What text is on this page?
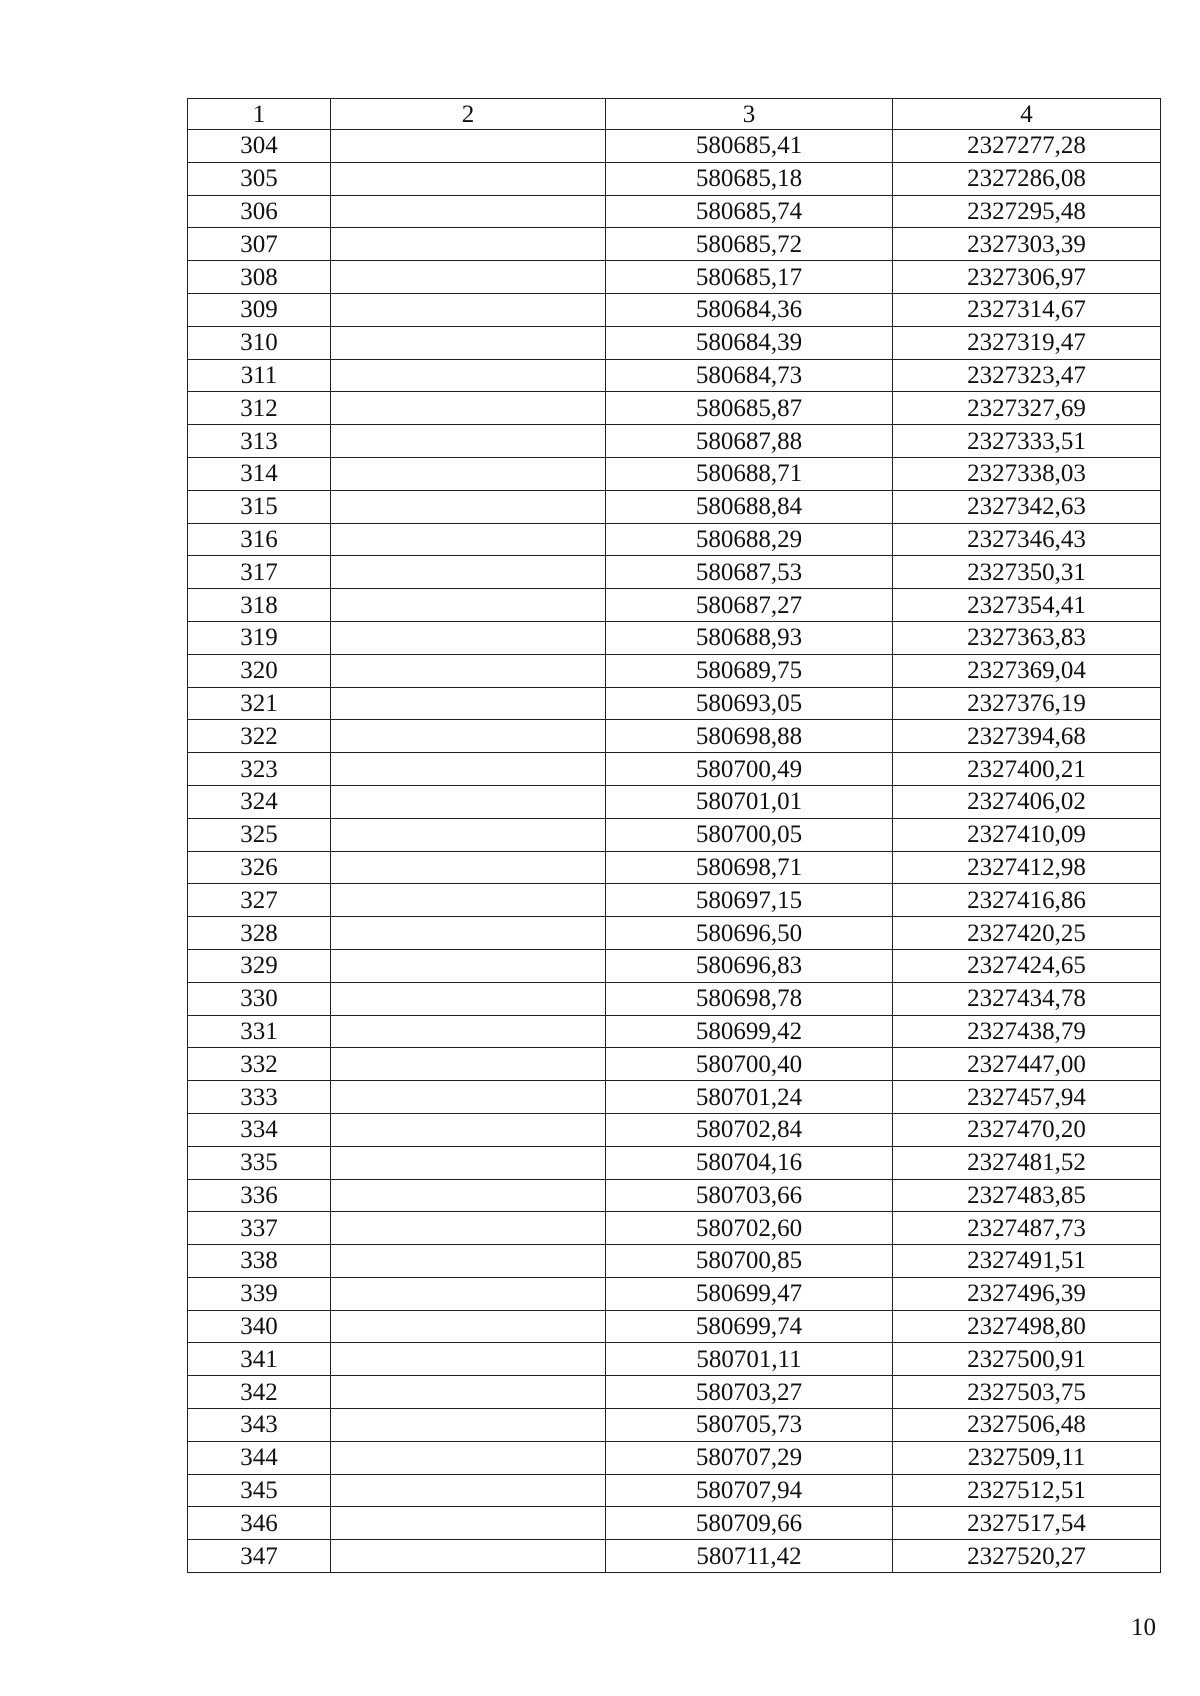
1	2	3	4
304		580685,41	2327277,28
305		580685,18	2327286,08
306		580685,74	2327295,48
307		580685,72	2327303,39
308		580685,17	2327306,97
309		580684,36	2327314,67
310		580684,39	2327319,47
311		580684,73	2327323,47
312		580685,87	2327327,69
313		580687,88	2327333,51
314		580688,71	2327338,03
315		580688,84	2327342,63
316		580688,29	2327346,43
317		580687,53	2327350,31
318		580687,27	2327354,41
319		580688,93	2327363,83
320		580689,75	2327369,04
321		580693,05	2327376,19
322		580698,88	2327394,68
323		580700,49	2327400,21
324		580701,01	2327406,02
325		580700,05	2327410,09
326		580698,71	2327412,98
327		580697,15	2327416,86
328		580696,50	2327420,25
329		580696,83	2327424,65
330		580698,78	2327434,78
331		580699,42	2327438,79
332		580700,40	2327447,00
333		580701,24	2327457,94
334		580702,84	2327470,20
335		580704,16	2327481,52
336		580703,66	2327483,85
337		580702,60	2327487,73
338		580700,85	2327491,51
339		580699,47	2327496,39
340		580699,74	2327498,80
341		580701,11	2327500,91
342		580703,27	2327503,75
343		580705,73	2327506,48
344		580707,29	2327509,11
345		580707,94	2327512,51
346		580709,66	2327517,54
347		580711,42	2327520,27
10
